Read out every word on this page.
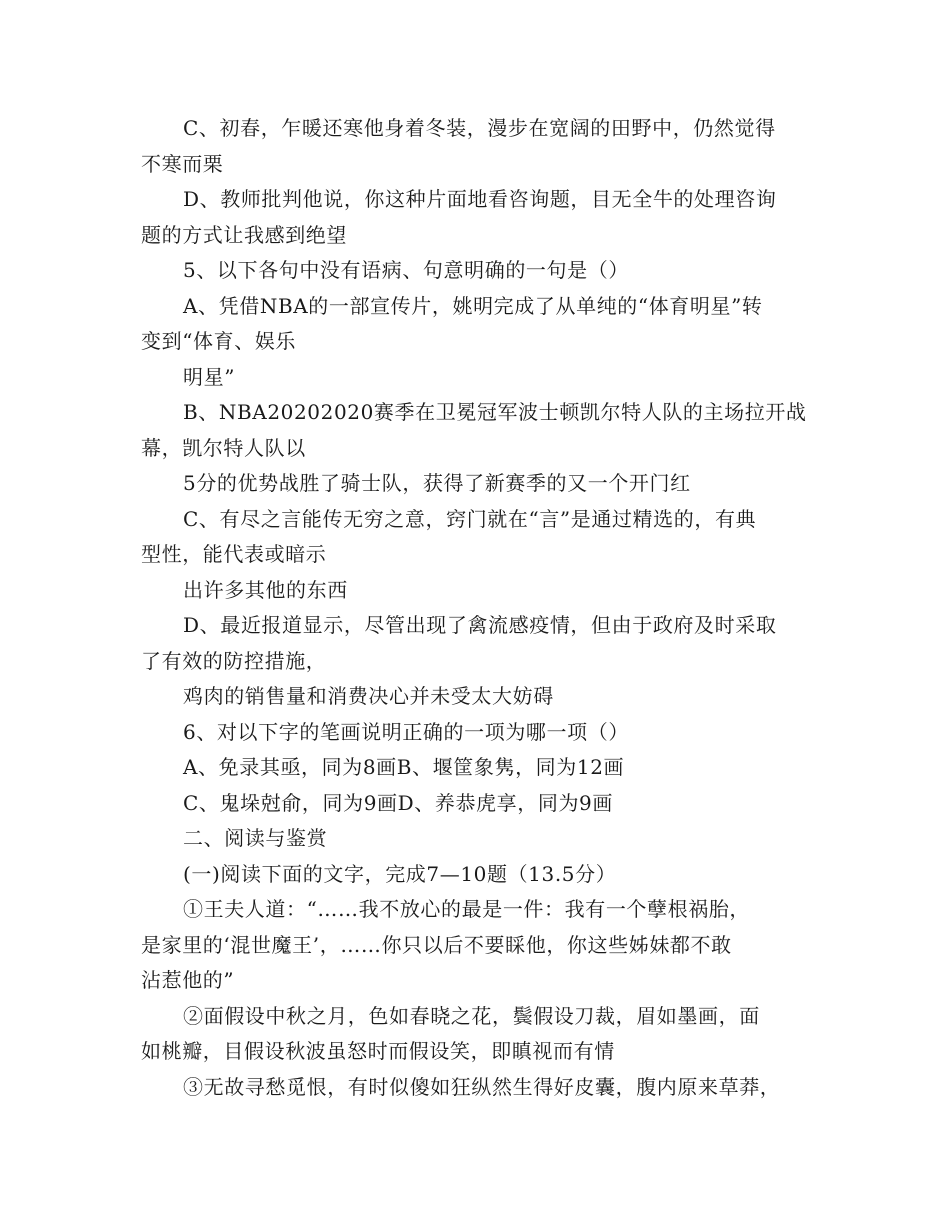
C、初春，乍暖还寒他身着冬装，漫步在宽阔的田野中，仍然觉得
不寒而栗
D、教师批判他说，你这种片面地看咨询题，目无全牛的处理咨询
题的方式让我感到绝望
5、以下各句中没有语病、句意明确的一句是（）
A、凭借NBA的一部宣传片，姚明完成了从单纯的“体育明星”转
变到“体育、娱乐
明星”
B、NBA20202020赛季在卫冕冠军波士顿凯尔特人队的主场拉开战
幕，凯尔特人队以
5分的优势战胜了骑士队，获得了新赛季的又一个开门红
C、有尽之言能传无穷之意，窍门就在“言”是通过精选的，有典
型性，能代表或暗示
出许多其他的东西
D、最近报道显示，尽管出现了禽流感疫情，但由于政府及时采取
了有效的防控措施，
鸡肉的销售量和消费决心并未受太大妨碍
6、对以下字的笔画说明正确的一项为哪一项（）
A、免录其亟，同为8画B、堰筐象隽，同为12画
C、鬼垛尅俞，同为9画D、养恭虎享，同为9画
二、阅读与鉴赏
(一)阅读下面的文字，完成7—10题（13.5分）
①王夫人道：“……我不放心的最是一件：我有一个孽根祸胎，
是家里的‘混世魔王’，……你只以后不要睬他，你这些姊妹都不敢
沾惹他的”
②面假设中秋之月，色如春晓之花，鬓假设刀裁，眉如墨画，面
如桃瓣，目假设秋波虽怒时而假设笑，即瞋视而有情
③无故寻愁觅恨，有时似傻如狂纵然生得好皮囊，腹内原来草莽，
